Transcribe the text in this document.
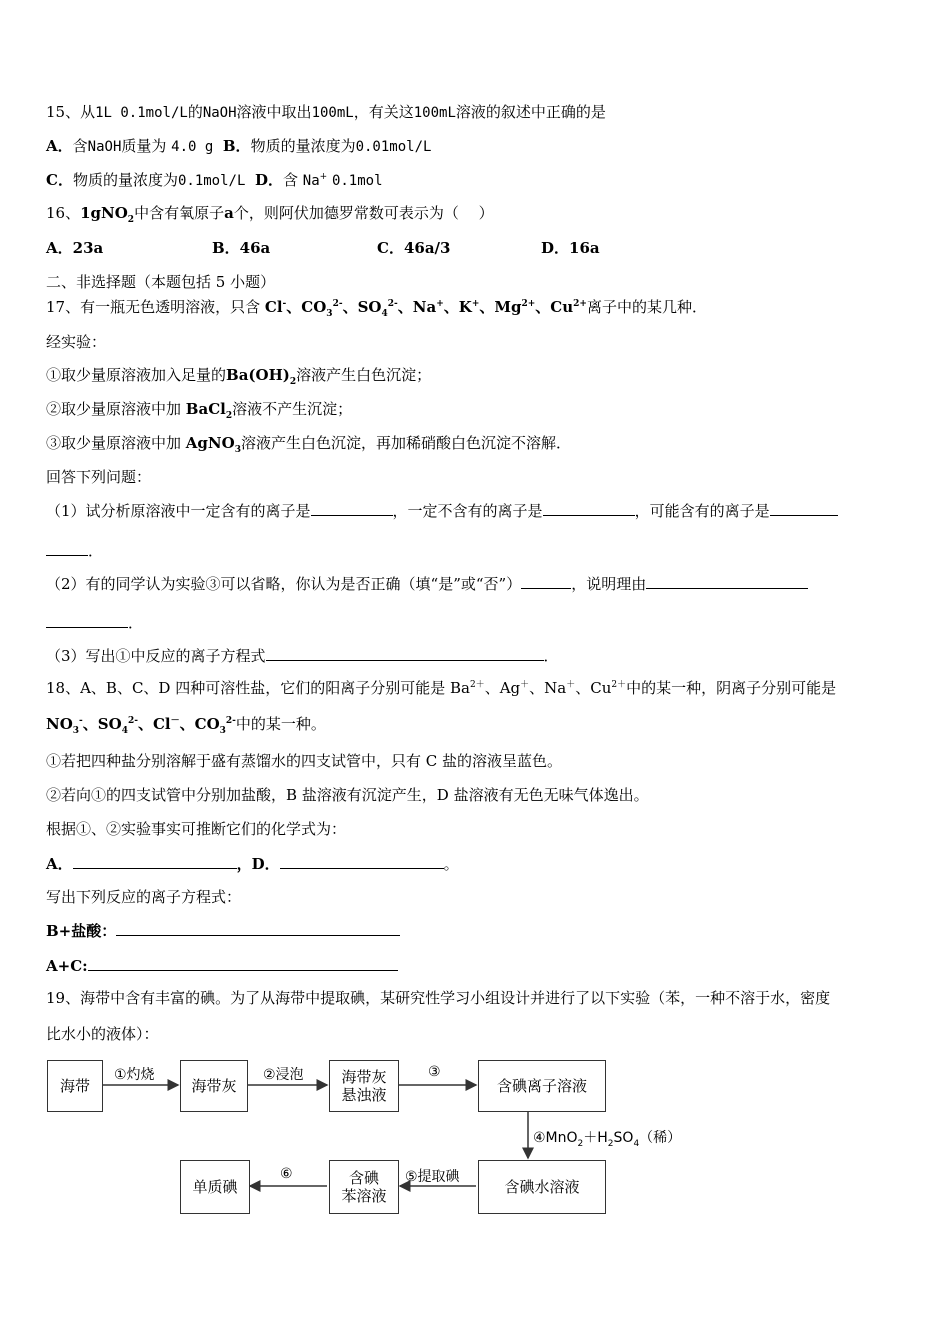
15、从1L 0.1mol/L的NaOH溶液中取出100mL，有关这100mL溶液的叙述中正确的是
A．含NaOH质量为 4.0 g B．物质的量浓度为0.01mol/L
C．物质的量浓度为0.1mol/L D．含 Na+ 0.1mol
16、1gNO$_2$中含有氧原子a个，则阿伏加德罗常数可表示为（　 ）
A．23a	B．46a	C．46a/3	D．16a
二、非选择题（本题包括 5 小题）
17、有一瓶无色透明溶液，只含 Cl-、$CO_3^{2-}$、$SO_4^{2-}$、Na+、K+、$Mg^{2+}$、$Cu^{2+}$离子中的某几种．
经实验：
①取少量原溶液加入足量的$Ba(OH)_2$溶液产生白色沉淀；
②取少量原溶液中加 BaCl$_2$溶液不产生沉淀；
③取少量原溶液中加 AgNO$_3$溶液产生白色沉淀，再加稀硝酸白色沉淀不溶解．
回答下列问题：
（1）试分析原溶液中一定含有的离子是	，一定不含有的离子是	，可能含有的离子是
．
（2）有的同学认为实验③可以省略，你认为是否正确（填“是”或“否”）	，说明理由
．
（3）写出①中反应的离子方程式	．
18、A、B、C、D 四种可溶性盐，它们的阳离子分别可能是 $Ba^{2+}$、Ag＋、Na＋、$Cu^{2+}$中的某一种，阴离子分别可能是
$NO_3^-$、$SO_4^{2-}$、Cl－、$CO_3^{2-}$中的某一种。
①若把四种盐分别溶解于盛有蒸馏水的四支试管中，只有 C 盐的溶液呈蓝色。
②若向①的四支试管中分别加盐酸，B 盐溶液有沉淀产生，D 盐溶液有无色无味气体逸出。
根据①、②实验事实可推断它们的化学式为：
A．	，D．	。
写出下列反应的离子方程式：
B+盐酸：
A+C:
19、海带中含有丰富的碘。为了从海带中提取碘，某研究性学习小组设计并进行了以下实验（苯，一种不溶于水，密度
比水小的液体）：
海带	海带灰	海带灰
悬浊液	含碘离子溶液
含碘水溶液
含碘
苯溶液
单质碘
①灼烧	②浸泡	③
$④MnO_2+H_2SO_4$（稀）
⑤提取碘
⑥
